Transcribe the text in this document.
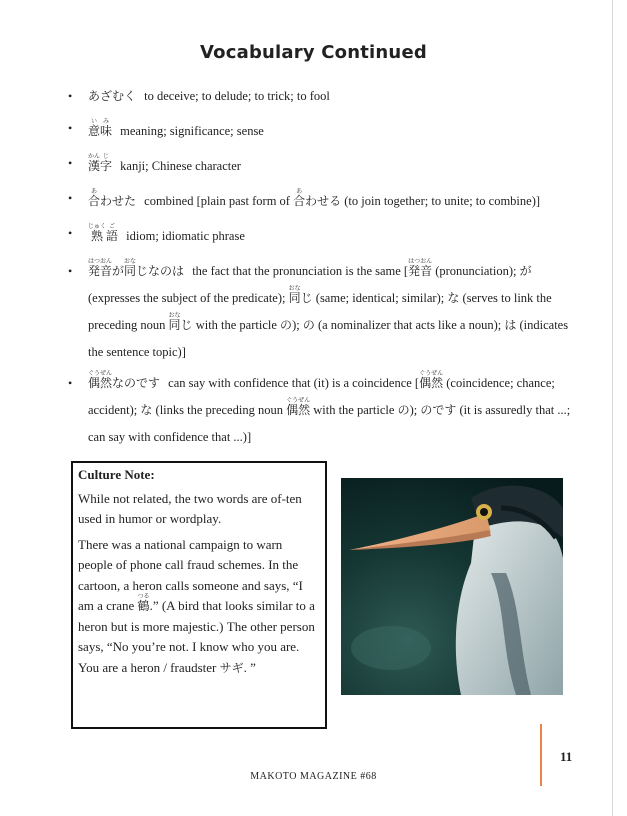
Vocabulary Continued
• あざむく to deceive; to delude; to trick; to fool
• 意い味み meaning; significance; sense
• 漢かん字じ kanji; Chinese character
• 合あわせた combined [plain past form of 合あわせる (to join together; to unite; to combine)]
• 熟じゅく語ご idiom; idiomatic phrase
• 発音はつおんが同おなじなのは the fact that the pronunciation is the same [発音はつおん (pronunciation); が (expresses the subject of the predicate); 同おなじ (same; identical; similar); な (serves to link the preceding noun 同おなじ with the particle の); の (a nominalizer that acts like a noun); は (indicates the sentence topic)]
• 偶然ぐうぜんなのです can say with confidence that (it) is a coincidence [偶然ぐうぜん (coincidence; chance; accident); な (links the preceding noun 偶然ぐうぜん with the particle の); のです (it is assuredly that ...; can say with confidence that ...)]

Culture Note:

While not related, the two words are of-ten used in humor or wordplay.

There was a national campaign to warn people of phone call fraud schemes. In the cartoon, a heron calls someone and says, “I am a crane 鶴つる.” (A bird that looks similar to a heron but is more majestic.) The other person says, “No you’re not. I know who you are. You are a heron / fraudster サギ. ”

MAKOTO MAGAZINE #68
11
